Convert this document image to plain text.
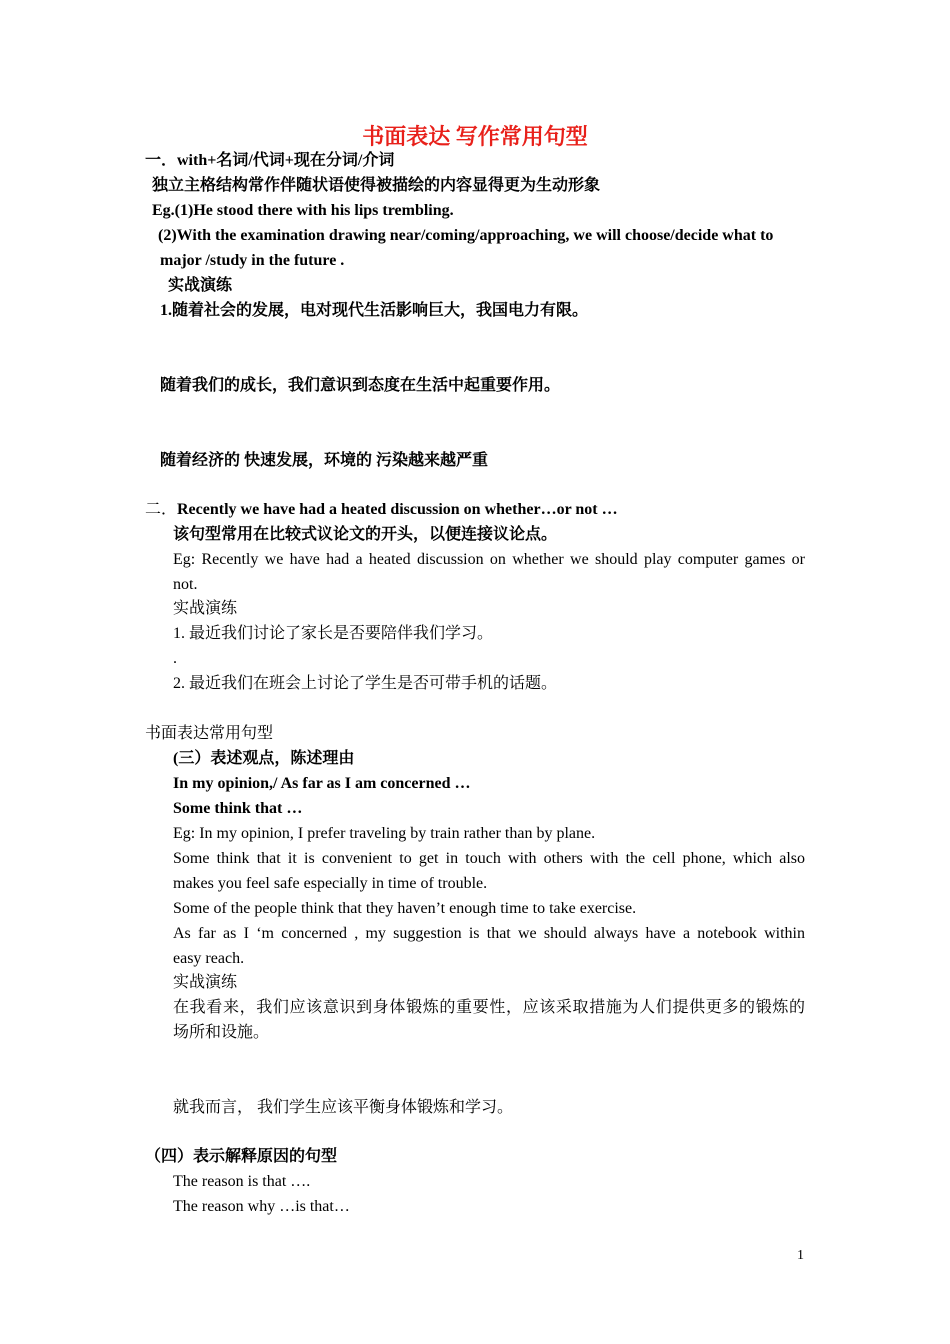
书面表达 写作常用句型
一．with+名词/代词+现在分词/介词
独立主格结构常作伴随状语使得被描绘的内容显得更为生动形象
Eg.(1)He stood there with his lips trembling.
(2)With the examination drawing near/coming/approaching, we will choose/decide what to
major /study in the future .
实战演练
1.随着社会的发展，电对现代生活影响巨大，我国电力有限。
随着我们的成长，我们意识到态度在生活中起重要作用。
随着经济的 快速发展，环境的 污染越来越严重
二． Recently we have had a heated discussion on whether…or not …
该句型常用在比较式议论文的开头，以便连接议论点。
Eg: Recently we have had a heated discussion on whether we should play computer games or
not.
实战演练
1. 最近我们讨论了家长是否要陪伴我们学习。
.
2. 最近我们在班会上讨论了学生是否可带手机的话题。
书面表达常用句型
(三）表述观点，陈述理由
In my opinion,/ As far as I am concerned …
Some think that …
Eg: In my opinion, I prefer traveling by train rather than by plane.
Some think that it is convenient to get in touch with others with the cell phone, which also
makes you feel safe especially in time of trouble.
Some of the people think that they haven’t enough time to take exercise.
As far as I ‘m concerned , my suggestion is that we should always have a notebook within
easy reach.
实战演练
在我看来，我们应该意识到身体锻炼的重要性，应该采取措施为人们提供更多的锻炼的
场所和设施。
就我而言， 我们学生应该平衡身体锻炼和学习。
（四）表示解释原因的句型
The reason is that ….
The reason why …is that…
1
